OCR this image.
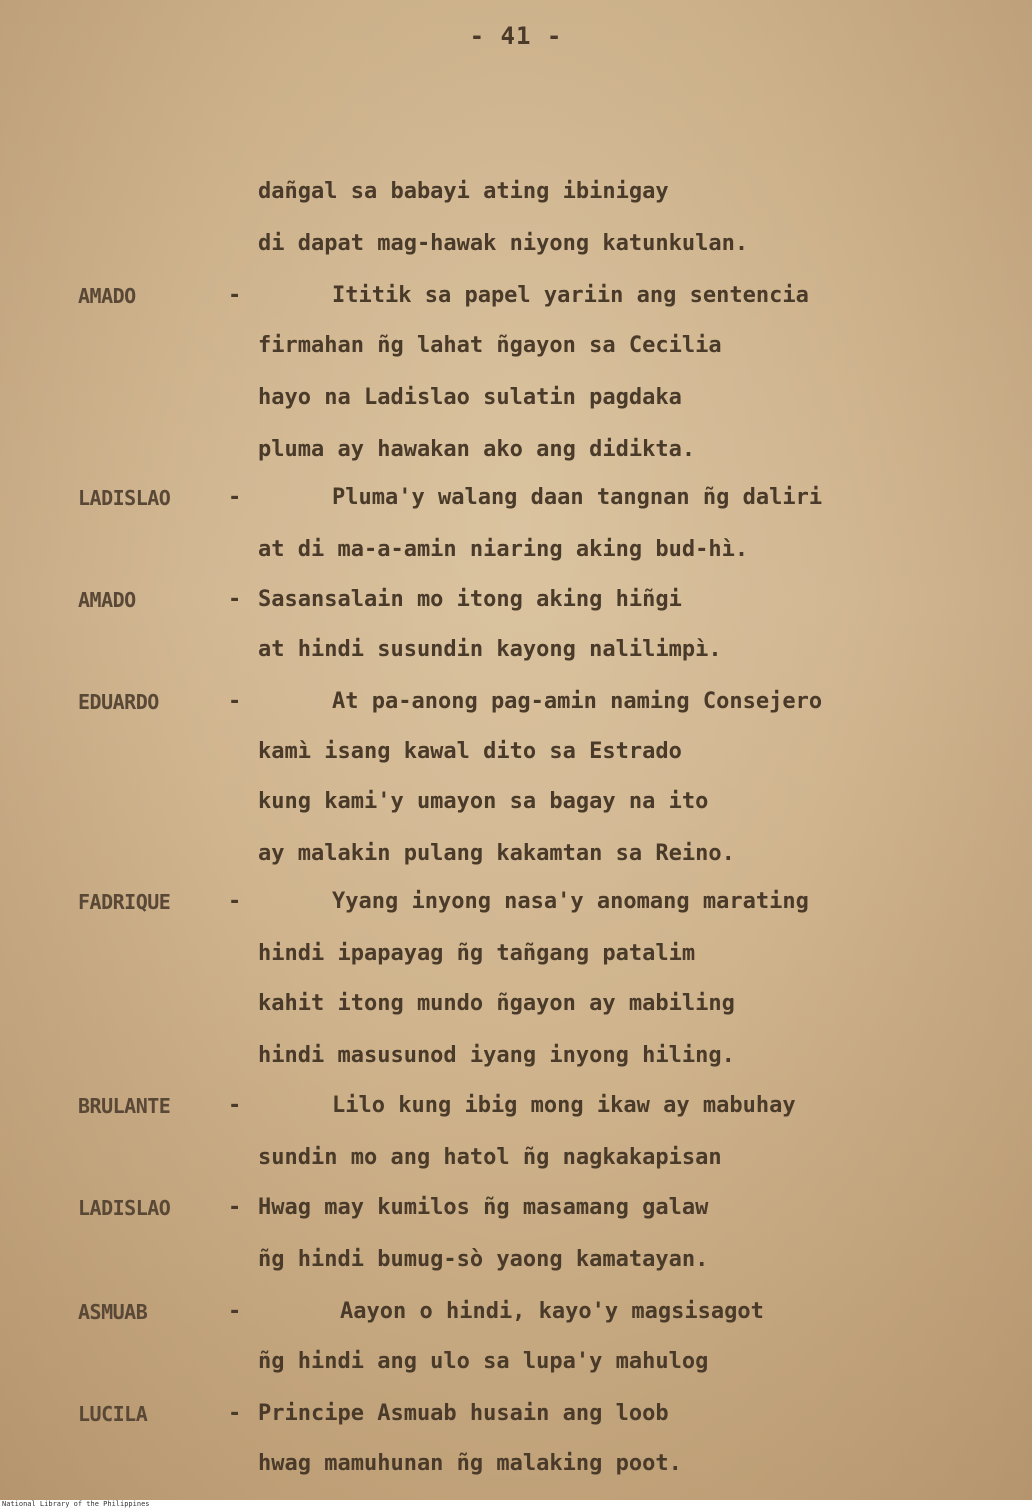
- 41 -
dañgal sa babayi ating ibinigay
di dapat mag-hawak niyong katunkulan.
AMADO	-	Ititik sa papel yariin ang sentencia
firmahan ñg lahat ñgayon sa Cecilia
hayo na Ladislao sulatin pagdaka
pluma ay hawakan ako ang didikta.
LADISLAO	-	Pluma'y walang daan tangnan ñg daliri
at di ma-a-amin niaring aking bud-hì.
AMADO	- Sasansalain mo itong aking hiñgi
at hindi susundin kayong nalilimpì.
EDUARDO	-	At pa-anong pag-amin naming Consejero
kamì isang kawal dito sa Estrado
kung kami'y umayon sa bagay na ito
ay malakin pulang kakamtan sa Reino.
FADRIQUE	-	Yyang inyong nasa'y anomang marating
hindi ipapayag ñg tañgang patalim
kahit itong mundo ñgayon ay mabiling
hindi masusunod iyang inyong hiling.
BRULANTE	-	Lilo kung ibig mong ikaw ay mabuhay
sundin mo ang hatol ñg nagkakapisan
LADISLAO	- Hwag may kumilos ñg masamang galaw
ñg hindi bumug-sò yaong kamatayan.
ASMUAB	-	Aayon o hindi, kayo'y magsisagot
ñg hindi ang ulo sa lupa'y mahulog
LUCILA	- Principe Asmuab husain ang loob
hwag mamuhunan ñg malaking poot.
National Library of the Philippines
